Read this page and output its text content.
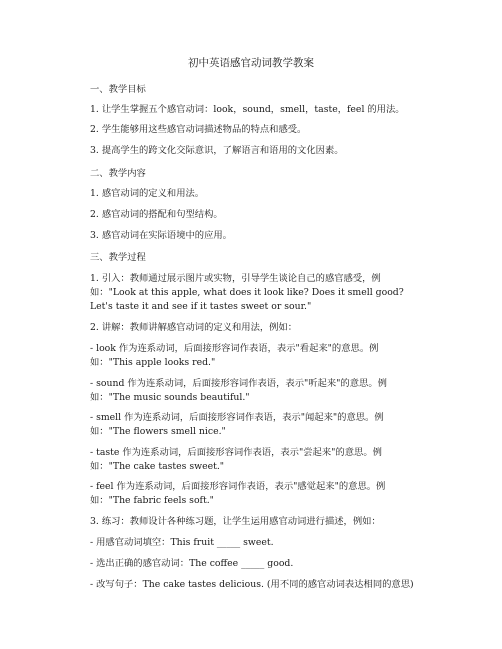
初中英语感官动词教学教案
一、教学目标
1. 让学生掌握五个感官动词：look，sound，smell，taste，feel 的用法。
2. 学生能够用这些感官动词描述物品的特点和感受。
3. 提高学生的跨文化交际意识，了解语言和语用的文化因素。
二、教学内容
1. 感官动词的定义和用法。
2. 感官动词的搭配和句型结构。
3. 感官动词在实际语境中的应用。
三、教学过程
1. 引入：教师通过展示图片或实物，引导学生谈论自己的感官感受，例如："Look at this apple, what does it look like? Does it smell good? Let's taste it and see if it tastes sweet or sour."
2. 讲解：教师讲解感官动词的定义和用法，例如：
- look 作为连系动词，后面接形容词作表语，表示"看起来"的意思。例如："This apple looks red."
- sound 作为连系动词，后面接形容词作表语，表示"听起来"的意思。例如："The music sounds beautiful."
- smell 作为连系动词，后面接形容词作表语，表示"闻起来"的意思。例如："The flowers smell nice."
- taste 作为连系动词，后面接形容词作表语，表示"尝起来"的意思。例如："The cake tastes sweet."
- feel 作为连系动词，后面接形容词作表语，表示"感觉起来"的意思。例如："The fabric feels soft."
3. 练习：教师设计各种练习题，让学生运用感官动词进行描述，例如：
- 用感官动词填空：This fruit _____ sweet.
- 选出正确的感官动词：The coffee _____ good.
- 改写句子：The cake tastes delicious. (用不同的感官动词表达相同的意思)
